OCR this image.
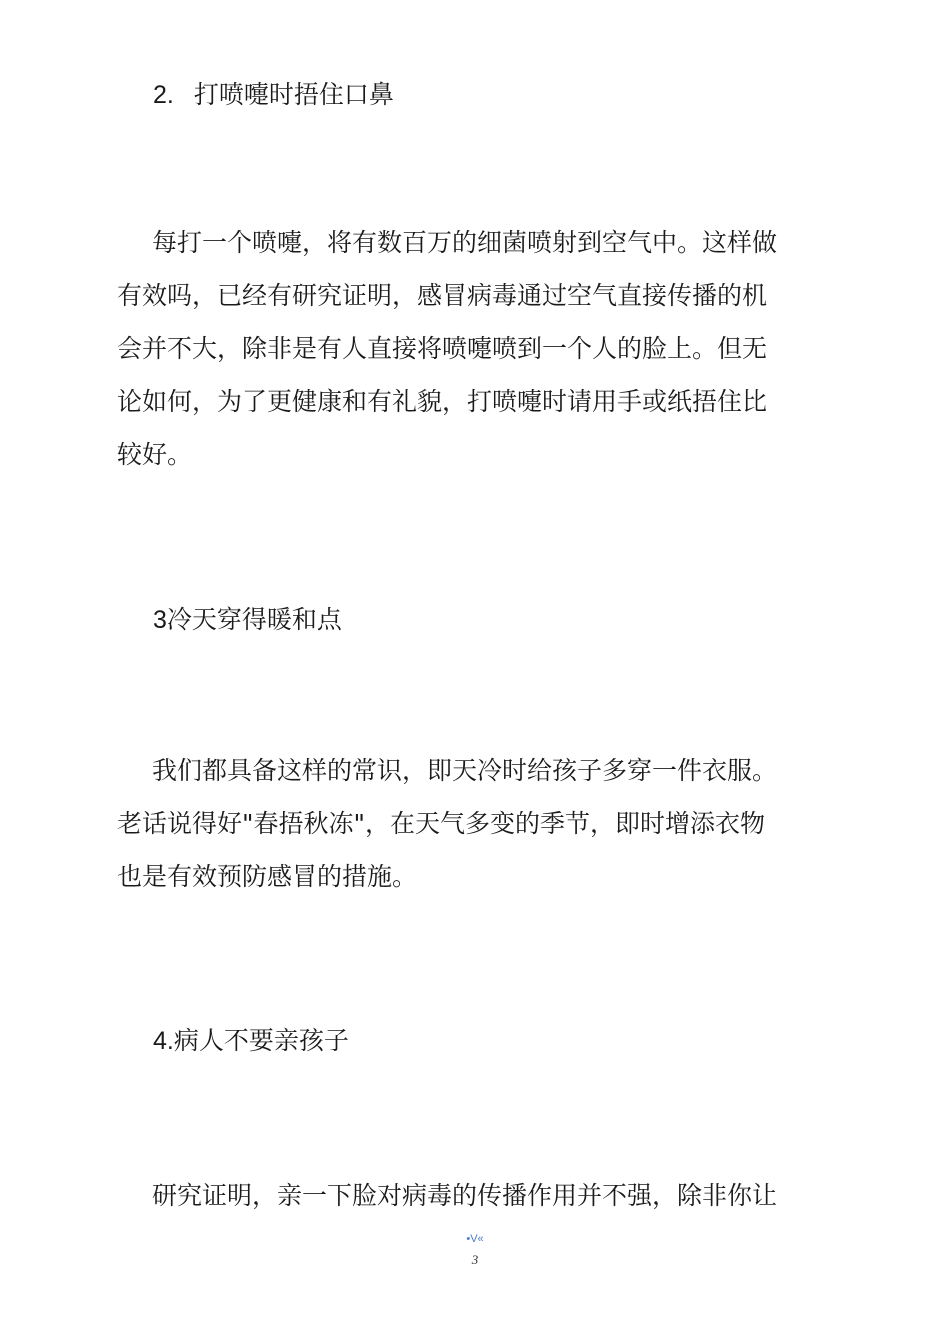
2. 打喷嚏时捂住口鼻
每打一个喷嚏，将有数百万的细菌喷射到空气中。这样做
有效吗，已经有研究证明，感冒病毒通过空气直接传播的机
会并不大，除非是有人直接将喷嚏喷到一个人的脸上。但无
论如何，为了更健康和有礼貌，打喷嚏时请用手或纸捂住比
较好。
3冷天穿得暖和点
我们都具备这样的常识，即天冷时给孩子多穿一件衣服。
老话说得好"春捂秋冻"，在天气多变的季节，即时增添衣物
也是有效预防感冒的措施。
4.病人不要亲孩子
研究证明，亲一下脸对病毒的传播作用并不强，除非你让
•V«
3
